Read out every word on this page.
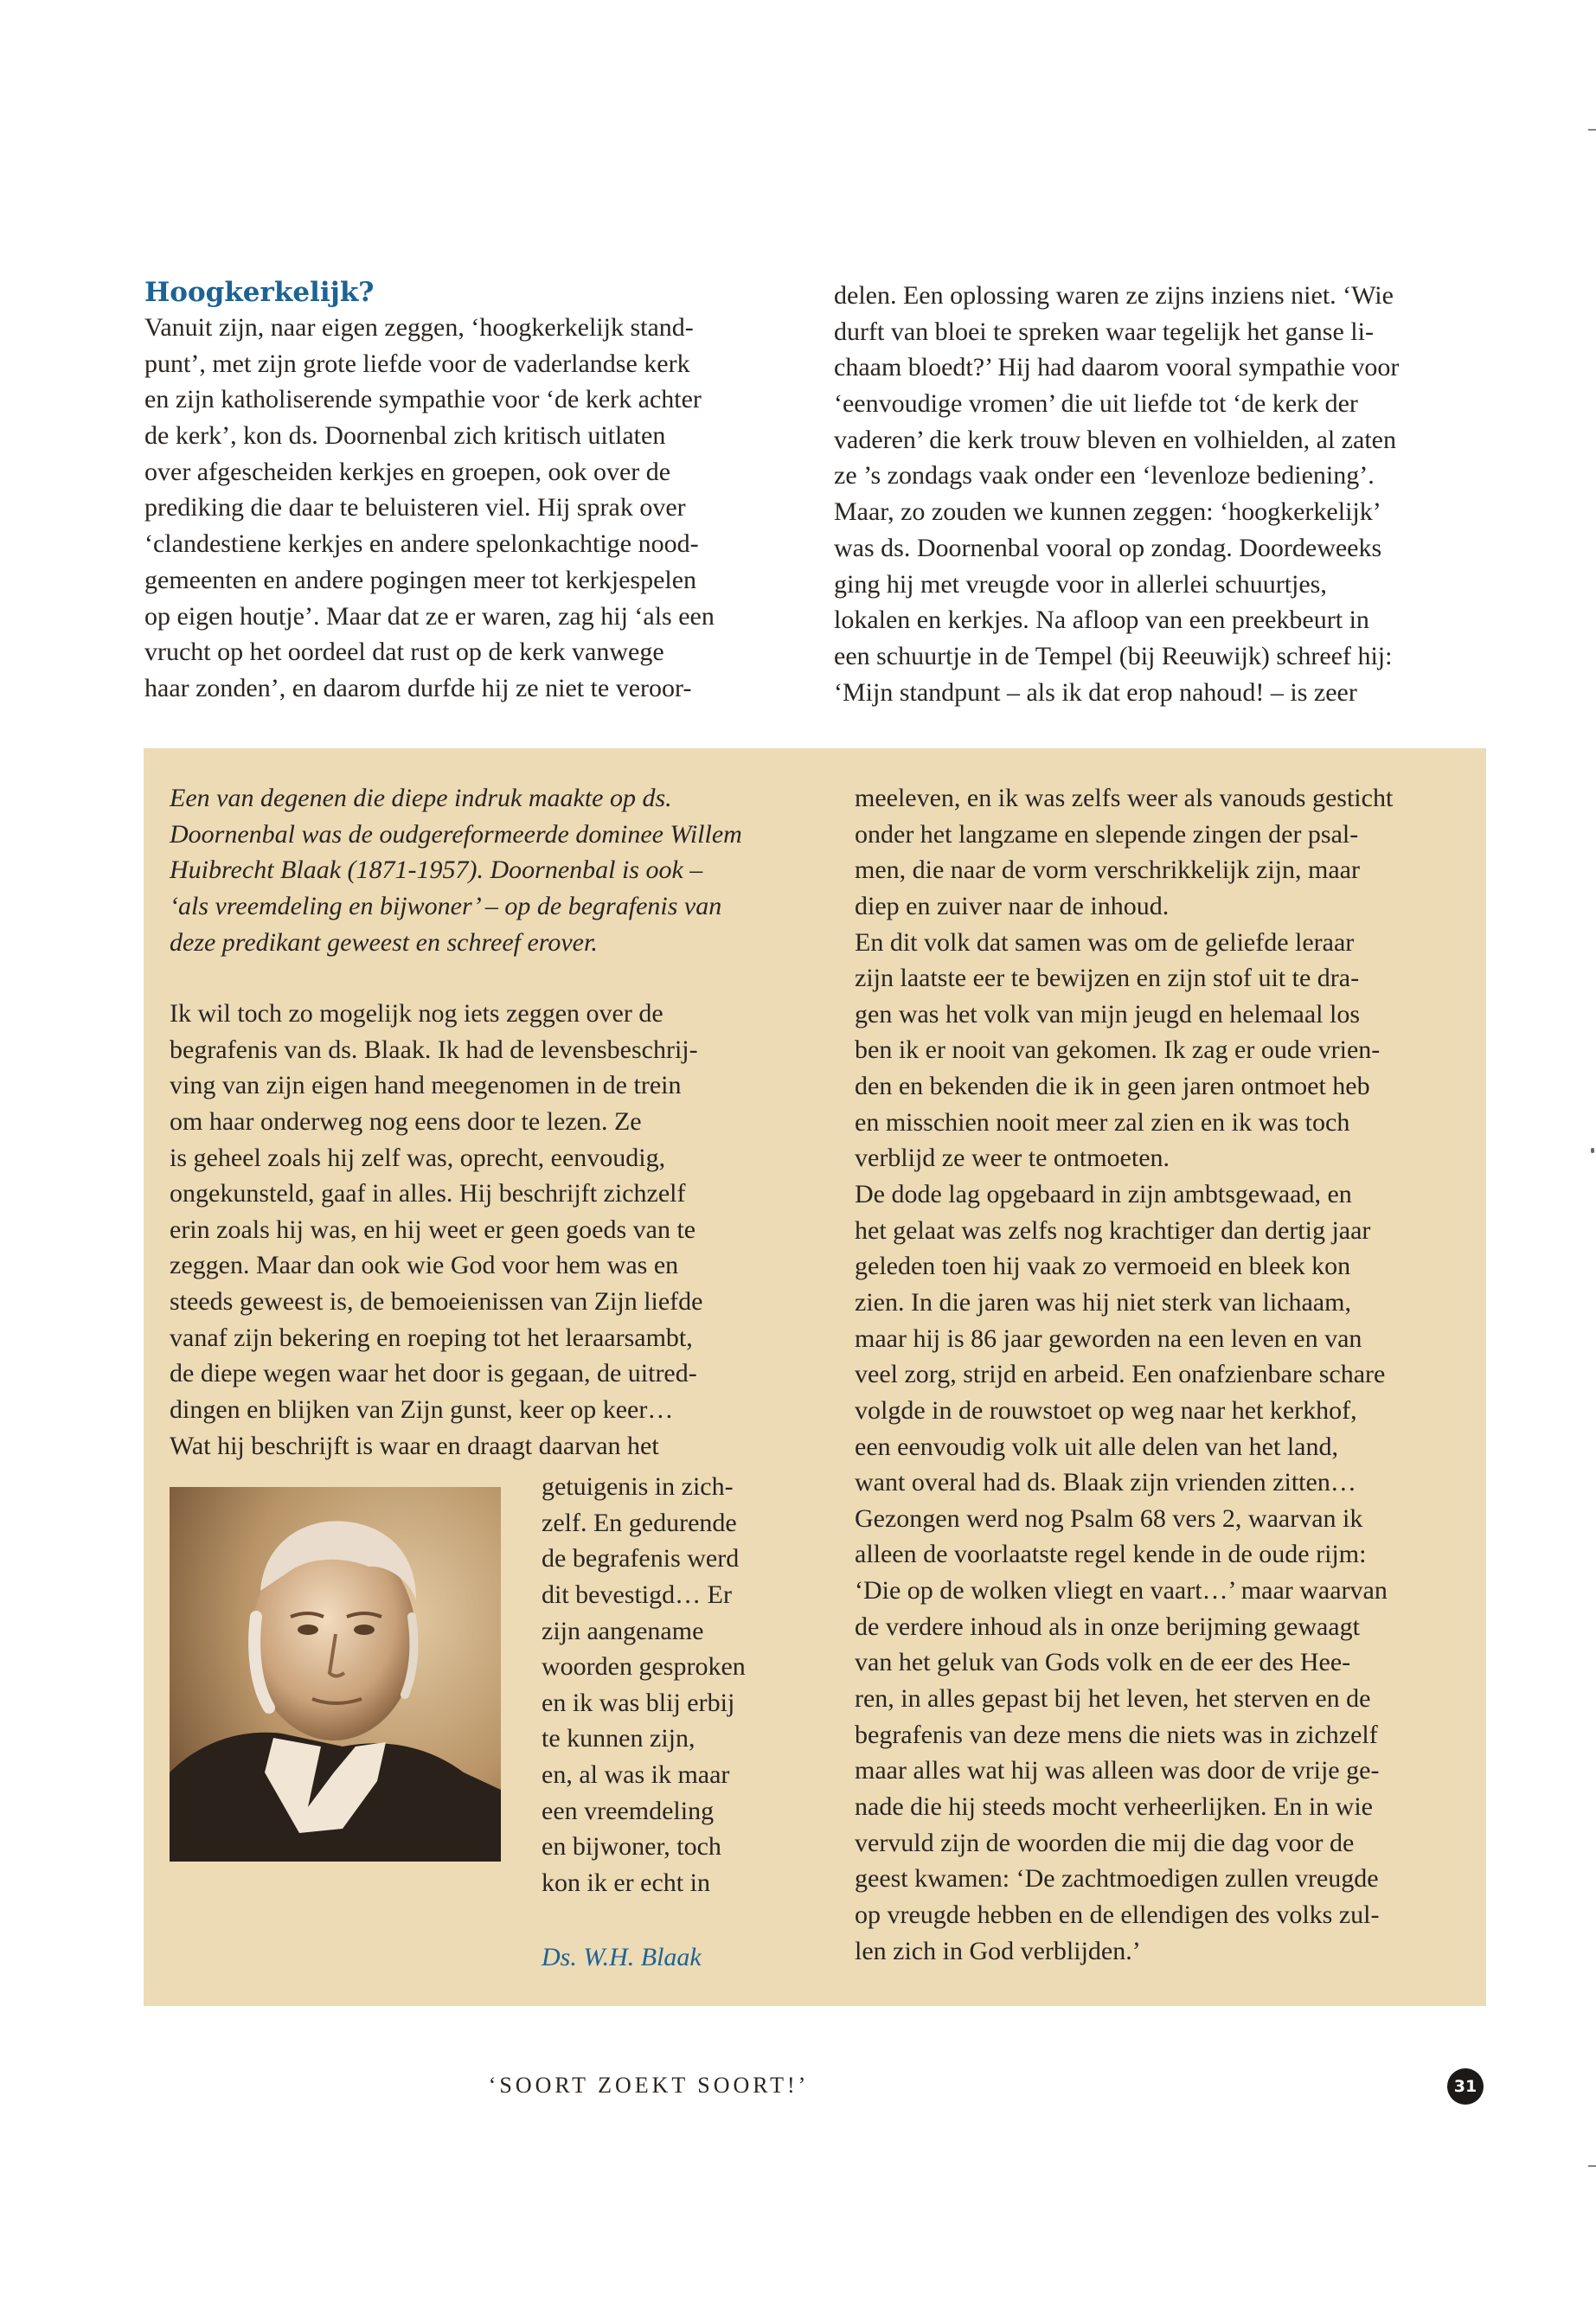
Hoogkerkelijk?
Vanuit zijn, naar eigen zeggen, ‘hoogkerkelijk stand-
punt’, met zijn grote liefde voor de vaderlandse kerk
en zijn katholiserende sympathie voor ‘de kerk achter
de kerk’, kon ds. Doornenbal zich kritisch uitlaten
over afgescheiden kerkjes en groepen, ook over de
prediking die daar te beluisteren viel. Hij sprak over
‘clandestiene kerkjes en andere spelonkachtige nood-
gemeenten en andere pogingen meer tot kerkjespelen
op eigen houtje’. Maar dat ze er waren, zag hij ‘als een
vrucht op het oordeel dat rust op de kerk vanwege
haar zonden’, en daarom durfde hij ze niet te veroor-
delen. Een oplossing waren ze zijns inziens niet. ‘Wie
durft van bloei te spreken waar tegelijk het ganse li-
chaam bloedt?’ Hij had daarom vooral sympathie voor
‘eenvoudige vromen’ die uit liefde tot ‘de kerk der
vaderen’ die kerk trouw bleven en volhielden, al zaten
ze ’s zondags vaak onder een ‘levenloze bediening’.
Maar, zo zouden we kunnen zeggen: ‘hoogkerkelijk’
was ds. Doornenbal vooral op zondag. Doordeweeks
ging hij met vreugde voor in allerlei schuurtjes,
lokalen en kerkjes. Na afloop van een preekbeurt in
een schuurtje in de Tempel (bij Reeuwijk) schreef hij:
‘Mijn standpunt – als ik dat erop nahoud! – is zeer
Een van degenen die diepe indruk maakte op ds.
Doornenbal was de oudgereformeerde dominee Willem
Huibrecht Blaak (1871-1957). Doornenbal is ook –
‘als vreemdeling en bijwoner’ – op de begrafenis van
deze predikant geweest en schreef erover.
Ik wil toch zo mogelijk nog iets zeggen over de
begrafenis van ds. Blaak. Ik had de levensbeschrij-
ving van zijn eigen hand meegenomen in de trein
om haar onderweg nog eens door te lezen. Ze
is geheel zoals hij zelf was, oprecht, eenvoudig,
ongekunsteld, gaaf in alles. Hij beschrijft zichzelf
erin zoals hij was, en hij weet er geen goeds van te
zeggen. Maar dan ook wie God voor hem was en
steeds geweest is, de bemoeienissen van Zijn liefde
vanaf zijn bekering en roeping tot het leraarsambt,
de diepe wegen waar het door is gegaan, de uitred-
dingen en blijken van Zijn gunst, keer op keer…
Wat hij beschrijft is waar en draagt daarvan het
getuigenis in zich-
zelf. En gedurende
de begrafenis werd
dit bevestigd… Er
zijn aangename
woorden gesproken
en ik was blij erbij
te kunnen zijn,
en, al was ik maar
een vreemdeling
en bijwoner, toch
kon ik er echt in
Ds. W.H. Blaak
meeleven, en ik was zelfs weer als vanouds gesticht
onder het langzame en slepende zingen der psal-
men, die naar de vorm verschrikkelijk zijn, maar
diep en zuiver naar de inhoud.
En dit volk dat samen was om de geliefde leraar
zijn laatste eer te bewijzen en zijn stof uit te dra-
gen was het volk van mijn jeugd en helemaal los
ben ik er nooit van gekomen. Ik zag er oude vrien-
den en bekenden die ik in geen jaren ontmoet heb
en misschien nooit meer zal zien en ik was toch
verblijd ze weer te ontmoeten.
De dode lag opgebaard in zijn ambtsgewaad, en
het gelaat was zelfs nog krachtiger dan dertig jaar
geleden toen hij vaak zo vermoeid en bleek kon
zien. In die jaren was hij niet sterk van lichaam,
maar hij is 86 jaar geworden na een leven en van
veel zorg, strijd en arbeid. Een onafzienbare schare
volgde in de rouwstoet op weg naar het kerkhof,
een eenvoudig volk uit alle delen van het land,
want overal had ds. Blaak zijn vrienden zitten…
Gezongen werd nog Psalm 68 vers 2, waarvan ik
alleen de voorlaatste regel kende in de oude rijm:
‘Die op de wolken vliegt en vaart…’ maar waarvan
de verdere inhoud als in onze berijming gewaagt
van het geluk van Gods volk en de eer des Hee-
ren, in alles gepast bij het leven, het sterven en de
begrafenis van deze mens die niets was in zichzelf
maar alles wat hij was alleen was door de vrije ge-
nade die hij steeds mocht verheerlijken. En in wie
vervuld zijn de woorden die mij die dag voor de
geest kwamen: ‘De zachtmoedigen zullen vreugde
op vreugde hebben en de ellendigen des volks zul-
len zich in God verblijden.’
‘SOORT ZOEKT SOORT!’	31
